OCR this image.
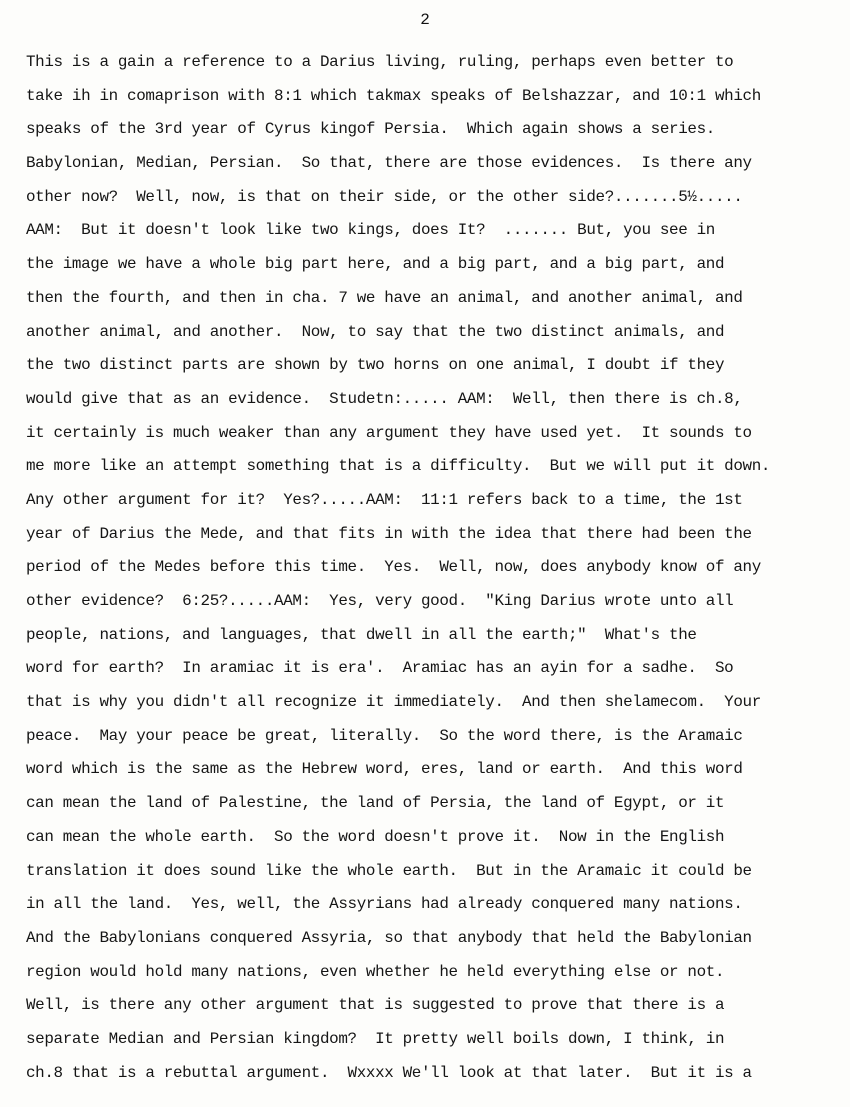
2
This is a gain a reference to a Darius living, ruling, perhaps even better to
take ih in comaprison with 8:1 which takmax speaks of Belshazzar, and 10:1 which
speaks of the 3rd year of Cyrus kingof Persia.  Which again shows a series.
Babylonian, Median, Persian.  So that, there are those evidences.  Is there any
other now?  Well, now, is that on their side, or the other side?.......5½.....
AAM:  But it doesn't look like two kings, does It?  ....... But, you see in
the image we have a whole big part here, and a big part, and a big part, and
then the fourth, and then in cha. 7 we have an animal, and another animal, and
another animal, and another.  Now, to say that the two distinct animals, and
the two distinct parts are shown by two horns on one animal, I doubt if they
would give that as an evidence.  Studetn:..... AAM:  Well, then there is ch.8,
it certainly is much weaker than any argument they have used yet.  It sounds to
me more like an attempt something that is a difficulty.  But we will put it down.
Any other argument for it?  Yes?.....AAM:  11:1 refers back to a time, the 1st
year of Darius the Mede, and that fits in with the idea that there had been the
period of the Medes before this time.  Yes.  Well, now, does anybody know of any
other evidence?  6:25?.....AAM:  Yes, very good.  "King Darius wrote unto all
people, nations, and languages, that dwell in all the earth;"  What's the
word for earth?  In aramiac it is era'.  Aramiac has an ayin for a sadhe.  So
that is why you didn't all recognize it immediately.  And then shelamecom.  Your
peace.  May your peace be great, literally.  So the word there, is the Aramaic
word which is the same as the Hebrew word, eres, land or earth.  And this word
can mean the land of Palestine, the land of Persia, the land of Egypt, or it
can mean the whole earth.  So the word doesn't prove it.  Now in the English
translation it does sound like the whole earth.  But in the Aramaic it could be
in all the land.  Yes, well, the Assyrians had already conquered many nations.
And the Babylonians conquered Assyria, so that anybody that held the Babylonian
region would hold many nations, even whether he held everything else or not.
Well, is there any other argument that is suggested to prove that there is a
separate Median and Persian kingdom?  It pretty well boils down, I think, in
ch.8 that is a rebuttal argument.  Wxxxx We'll look at that later.  But it is a
